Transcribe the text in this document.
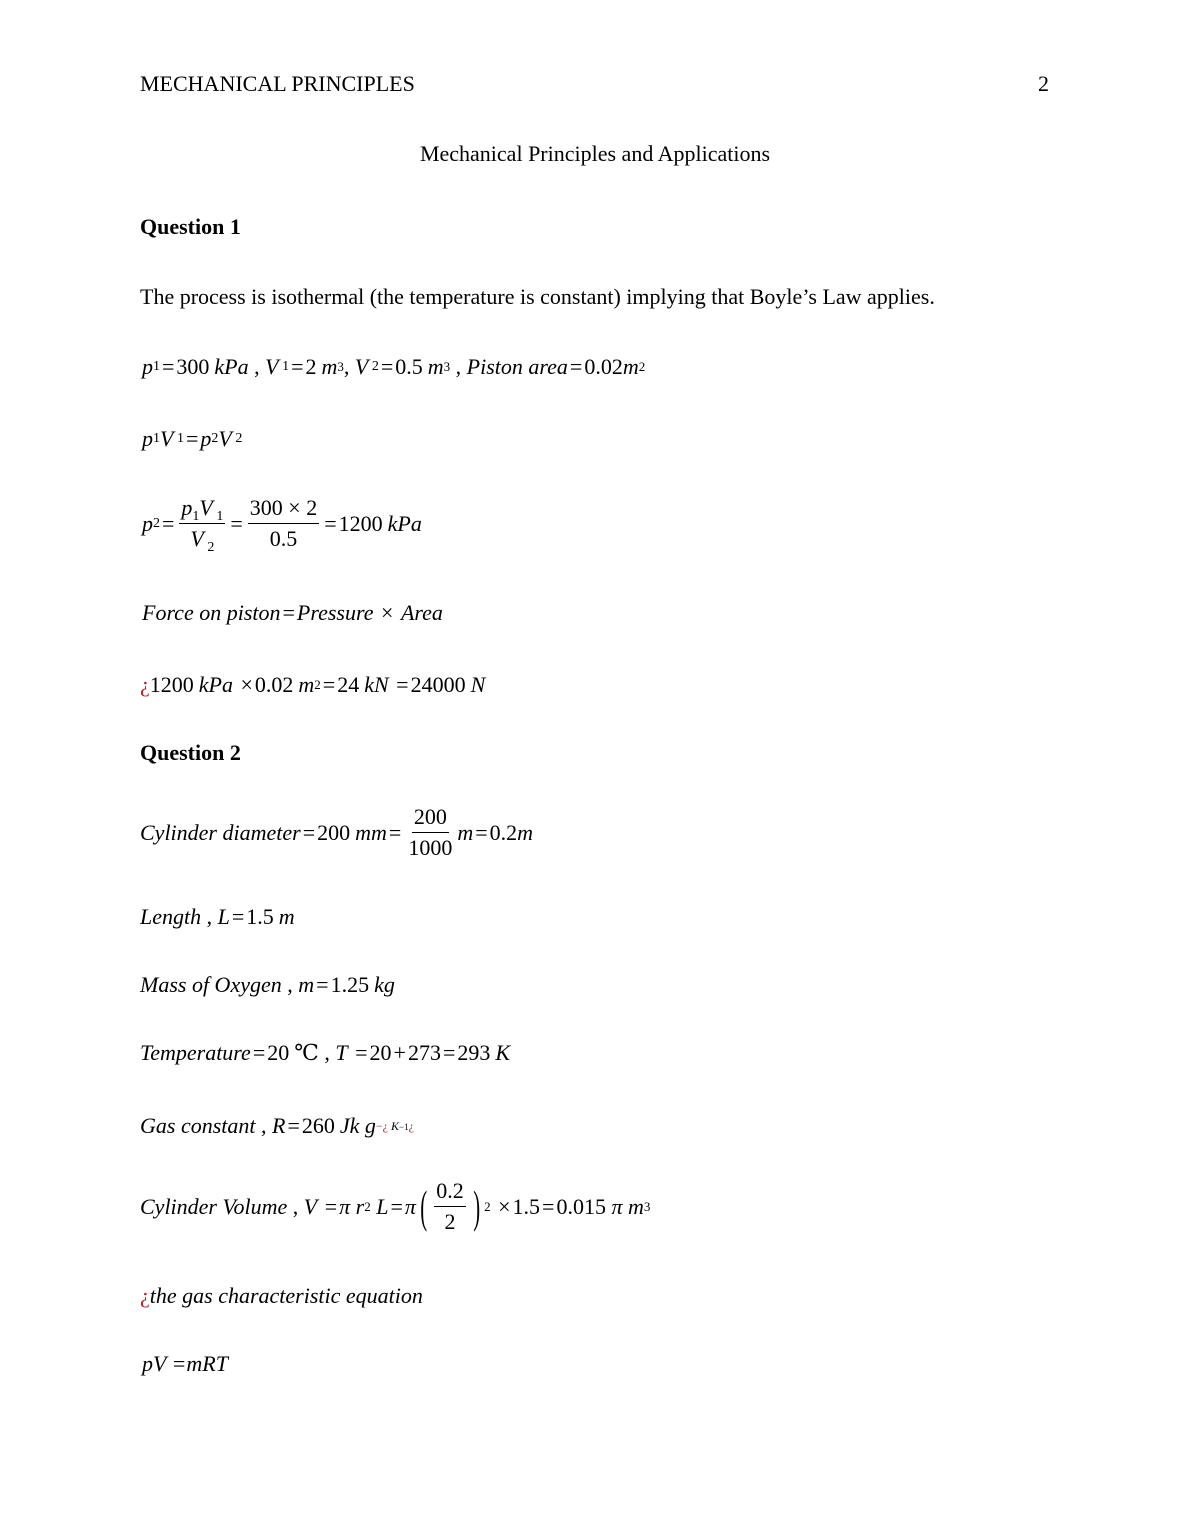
MECHANICAL PRINCIPLES	2
Mechanical Principles and Applications
Question 1
The process is isothermal (the temperature is constant) implying that Boyle’s Law applies.
p 1 = 300 kPa , V 1 = 2 m 3 , V 2 = 0.5 m 3 , Piston area = 0.02 m 2
p 1 V 1 = p 2 V 2
p $2 = \frac{p_1V _1}{V _2} = \frac{300 \times 2}{0.5} = 1200$ kPa
Force on piston = Pressure × Area
¿ 1200 kPa × 0.02 m 2 = 24 kN = 24000 N
Question 2
Cylinder diameter = 200 mm = $\frac{200}{1000}$ m = 0.2 m
Length , L = 1.5 m
Mass of Oxygen , m = 1.25 kg
Temperature = 20 ℃ , T = 20 + 273 = 293 K
Gas constant , R = 260 Jk g −¿ K−1¿
Cylinder Volume , V = π r 2 L = π ( $\frac{0.2}{2}$ ) 2 × 1.5 = 0.015 π m 3
¿ the gas characteristic equation
pV =mRT
